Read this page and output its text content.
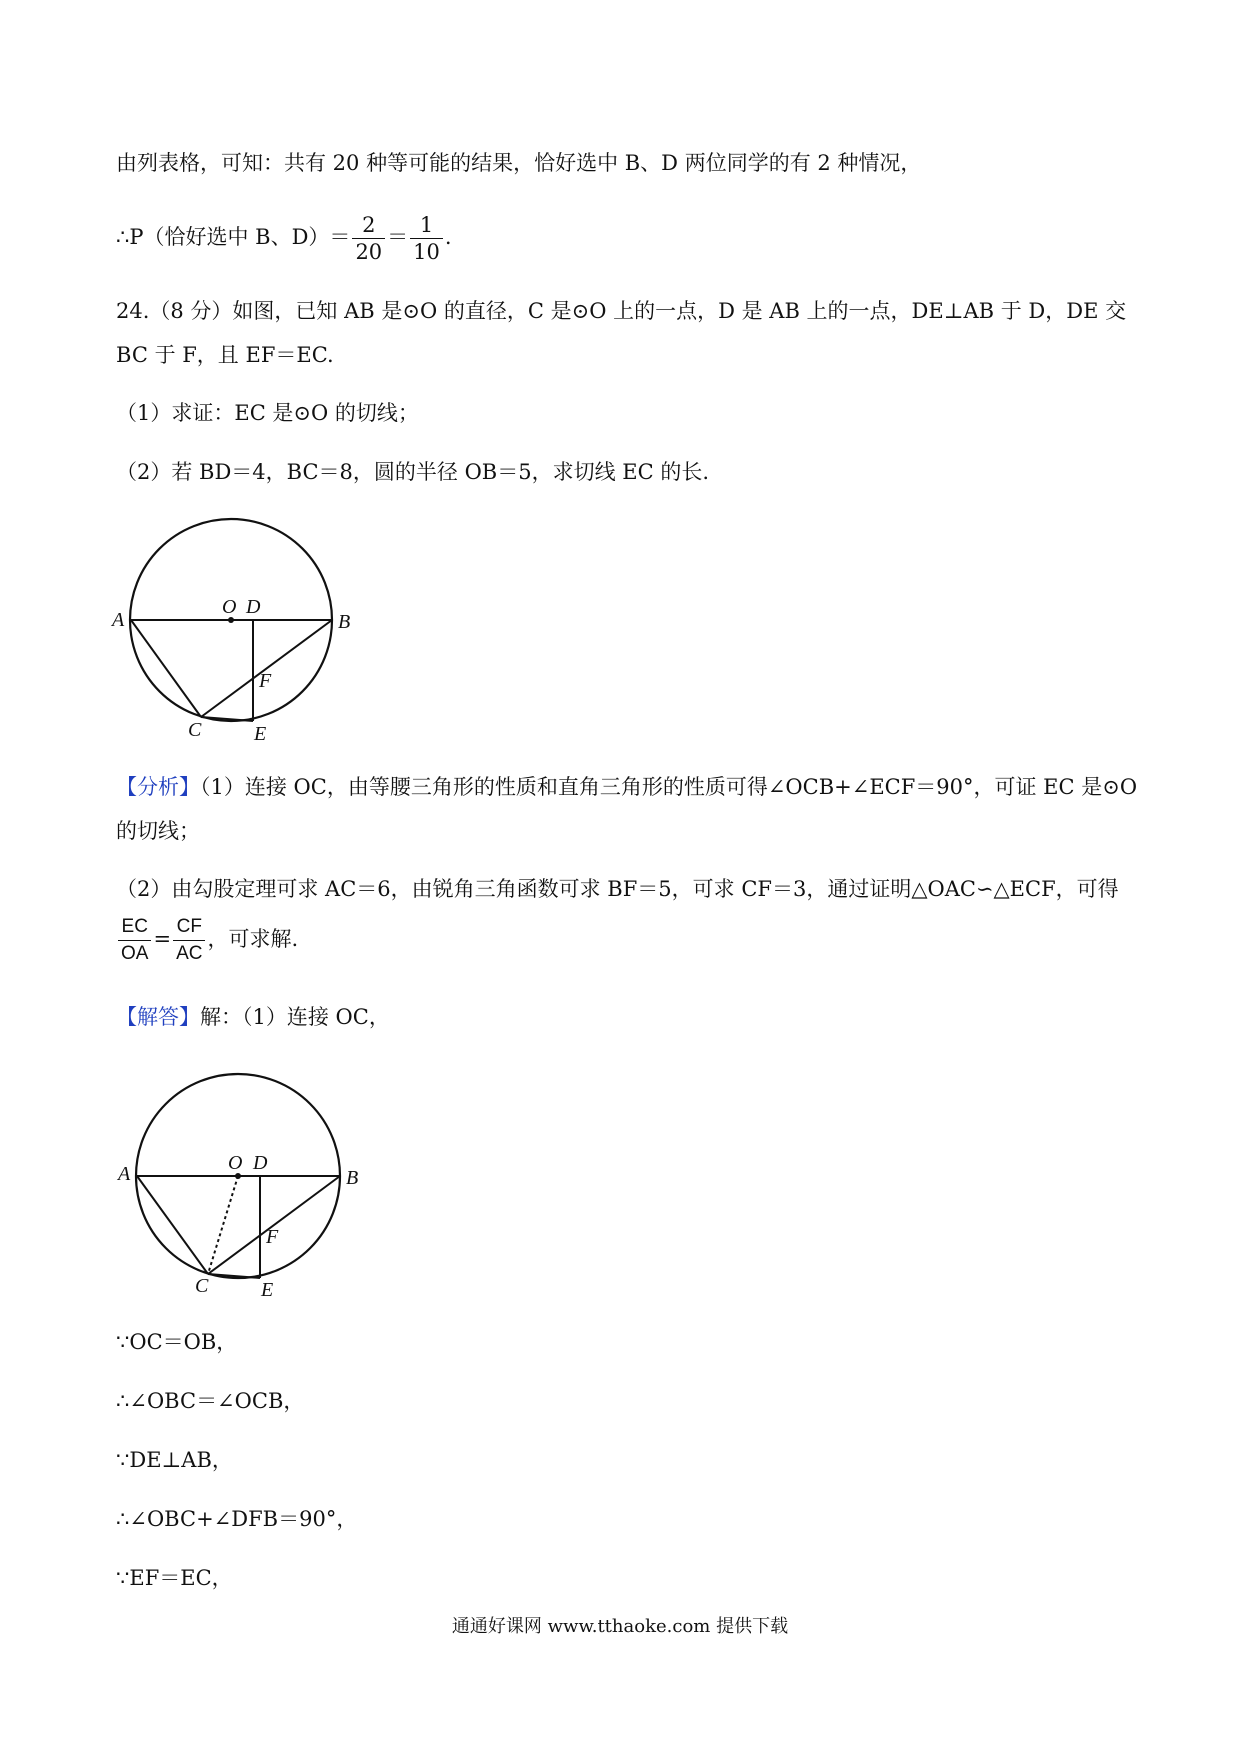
由列表格，可知：共有 20 种等可能的结果，恰好选中 B、D 两位同学的有 2 种情况，
∴P（恰好选中 B、$D)= \frac{2}{20} = \frac{1}{10}$ .
24.（8 分）如图，已知 AB 是⊙O 的直径，C 是⊙O 上的一点，D 是 AB 上的一点，DE⊥AB 于 D，DE 交
BC 于 F，且 EF＝EC.
（1）求证：EC 是⊙O 的切线；
（2）若 BD＝4，BC＝8，圆的半径 OB＝5，求切线 EC 的长.
A
O D
B
F
C	E
【分析】（1）连接 OC，由等腰三角形的性质和直角三角形的性质可得∠OCB+∠ECF＝90°，可证 EC 是⊙O
的切线；
（2）由勾股定理可求 AC＝6，由锐角三角函数可求 BF＝5，可求 CF＝3，通过证明△OAC∽△ECF，可得
$\frac{EC}{OA} = \frac{CF}{AC}$ ，可求解.
【解答】解：（1）连接 OC，
A	O D
B
F
C	E
∵OC＝OB，
∴∠OBC＝∠OCB，
∵DE⊥AB，
∴∠OBC+∠DFB＝90°，
∵EF＝EC，
通通好课网 www.tthaoke.com 提供下载
